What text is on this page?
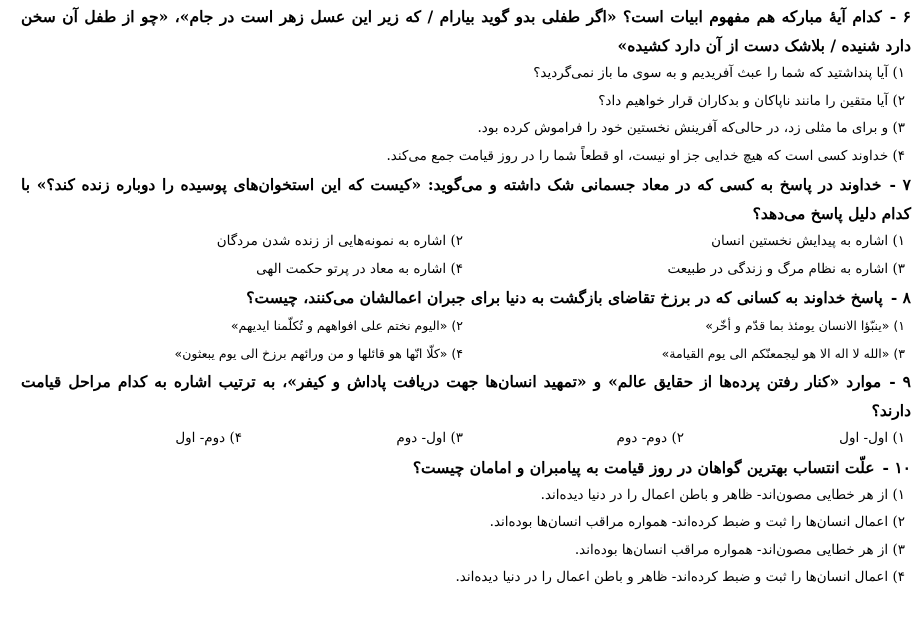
۶ -کدام آیهٔ مبارکه هم مفهوم ابیات است؟ «اگر طفلی بدو گوید بیارام / که زیر این عسل زهر است در جام»، «چو از طفل آن سخن دارد شنیده / بلاشک دست از آن دارد کشیده»
۱) آیا پنداشتید که شما را عبث آفریدیم و به سوی ما باز نمی‌گردید؟
۲) آیا متقین را مانند ناپاکان و بدکاران قرار خواهیم داد؟
۳) و برای ما مثلی زد، در حالی‌که آفرینش نخستین خود را فراموش کرده بود.
۴) خداوند کسی است که هیچ خدایی جز او نیست، او قطعاً شما را در روز قیامت جمع می‌کند.
۷ -خداوند در پاسخ به کسی که در معاد جسمانی شک داشته و می‌گوید: «کیست که این استخوان‌های پوسیده را دوباره زنده کند؟» با کدام دلیل پاسخ می‌دهد؟
۱) اشاره به پیدایش نخستین انسان
۲) اشاره به نمونه‌هایی از زنده شدن مردگان
۳) اشاره به نظام مرگ و زندگی در طبیعت
۴) اشاره به معاد در پرتو حکمت الهی
۸ -پاسخ خداوند به کسانی که در برزخ تقاضای بازگشت به دنیا برای جبران اعمالشان می‌کنند، چیست؟
۱) «ینبّؤا الانسان یومئذ بما قدّم و أخّر»
۲) «الیوم نختم علی افواههم و تُکلّمنا ایدیهم»
۳) «الله لا اله الا هو لیجمعنّکم الی یوم القیامة»
۴) «کلّا انّها هو قائلها و من ورائهم برزخ الی یوم یبعثون»
۹ -موارد «کنار رفتن پرده‌ها از حقایق عالم» و «تمهید انسان‌ها جهت دریافت پاداش و کیفر»، به ترتیب اشاره به کدام مراحل قیامت دارند؟
۱) اول- اول
۲) دوم- دوم
۳) اول- دوم
۴) دوم- اول
۱۰ -علّت انتساب بهترین گواهان در روز قیامت به پیامبران و امامان چیست؟
۱) از هر خطایی مصون‌اند- ظاهر و باطن اعمال را در دنیا دیده‌اند.
۲) اعمال انسان‌ها را ثبت و ضبط کرده‌اند- همواره مراقب انسان‌ها بوده‌اند.
۳) از هر خطایی مصون‌اند- همواره مراقب انسان‌ها بوده‌اند.
۴) اعمال انسان‌ها را ثبت و ضبط کرده‌اند- ظاهر و باطن اعمال را در دنیا دیده‌اند.
